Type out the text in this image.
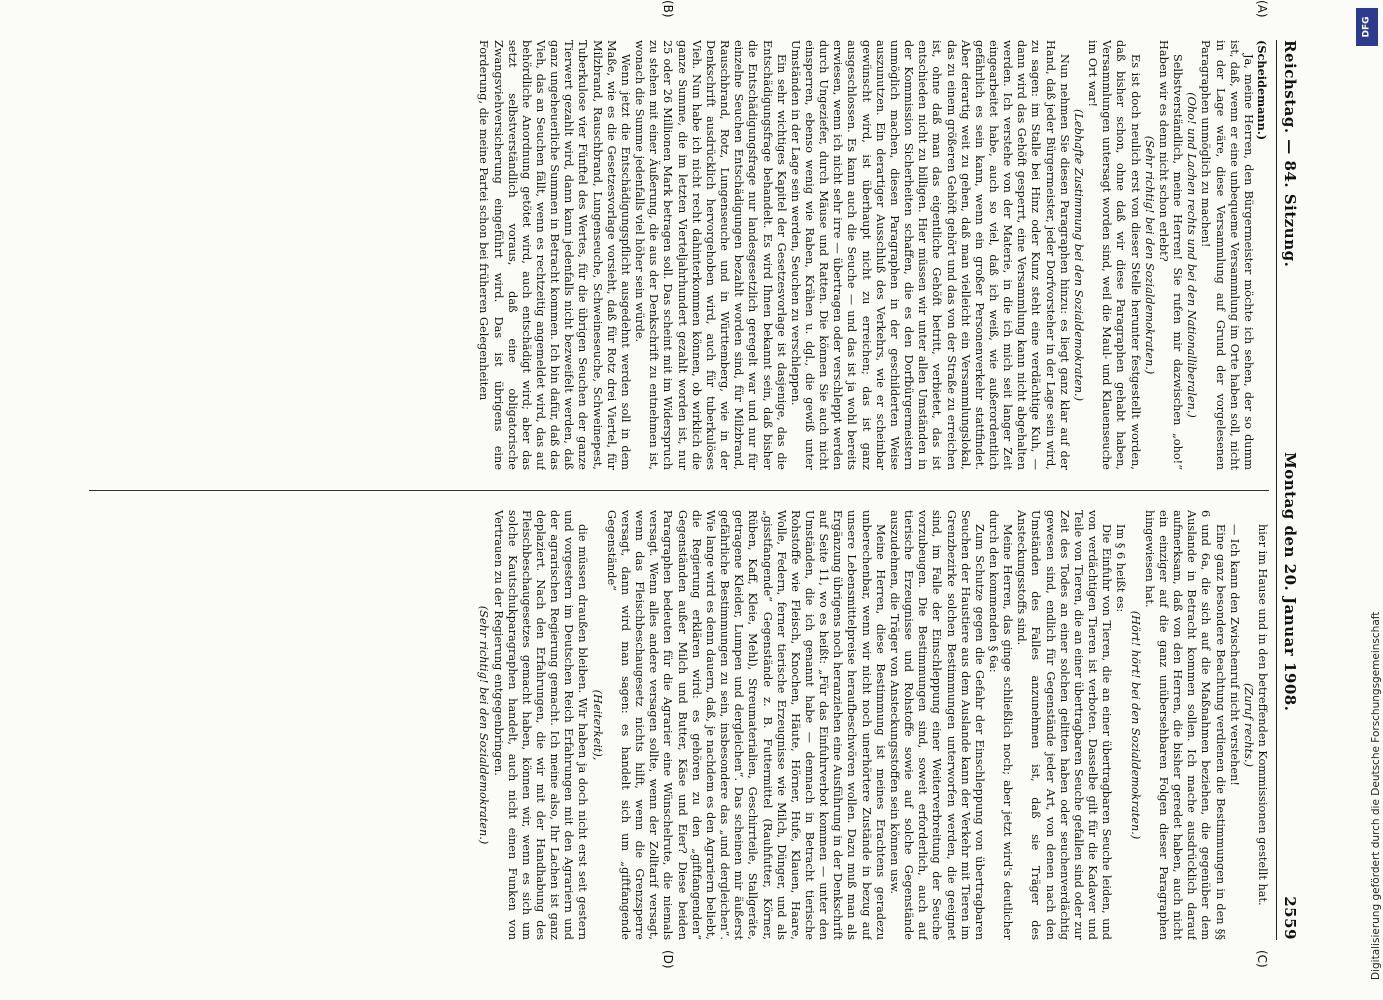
Reichstag. — 84. Sitzung.
Montag den 20. Januar 1908.
2559
(A)
(B)
(C)
(D)

(Scheidemann.)

Ja, meine Herren, den Bürgermeister möchte ich sehen, der so dumm ist, daß, wenn er eine unbequeme Versammlung im Orte haben soll, nicht in der Lage wäre, diese Versammlung auf Grund der vorgelesenen Paragraphen unmöglich zu machen!

(Oho! und Lachen rechts und bei den Nationalliberalen.)

Selbstverständlich, meine Herren! Sie rufen mir dazwischen „oho!“ Haben wir es denn nicht schon erlebt?

(Sehr richtig! bei den Sozialdemokraten.)

Es ist doch neulich erst von dieser Stelle herunter festgestellt worden, daß bisher schon, ohne daß wir diese Paragraphen gehabt haben, Versammlungen untersagt worden sind, weil die Maul- und Klauenseuche im Ort war!

(Lebhafte Zustimmung bei den Sozialdemokraten.)

Nun nehmen Sie diesen Paragraphen hinzu: es liegt ganz klar auf der Hand, daß jeder Bürgermeister, jeder Dorfvorsteher in der Lage sein wird, zu sagen: im Stalle bei Hinz oder Kunz steht eine verdächtige Kuh, — dann wird das Gehöft gesperrt, eine Versammlung kann nicht abgehalten werden. Ich verstehe von der Materie, in die ich mich seit langer Zeit eingearbeitet habe, auch so viel, daß ich weiß, wie außerordentlich gefährlich es sein kann, wenn ein großer Personenverkehr stattfindet. Aber derartig weit zu gehen, daß man vielleicht ein Versammlungslokal, das zu einem größeren Gehöft gehört und das von der Straße zu erreichen ist, ohne daß man das eigentliche Gehöft betritt, verbietet, das ist entschieden nicht zu billigen. Hier müssen wir unter allen Umständen in der Kommission Sicherheiten schaffen, die es den Dorfbürgermeistern unmöglich machen, diesen Paragraphen in der geschilderten Weise auszunutzen. Ein derartiger Ausschluß des Verkehrs, wie er scheinbar gewünscht wird, ist überhaupt nicht zu erreichen; das ist ganz ausgeschlossen. Es kann auch die Seuche — und das ist ja wohl bereits erwiesen, wenn ich nicht sehr irre — übertragen oder verschleppt werden durch Ungeziefer, durch Mäuse und Ratten. Die können Sie auch nicht einsperren, ebenso wenig wie Raben, Krähen u. dgl., die gewiß unter Umständen in der Lage sein werden, Seuchen zu verschleppen.

Ein sehr wichtiges Kapitel der Gesetzesvorlage ist dasjenige, das die Entschädigungsfrage behandelt. Es wird Ihnen bekannt sein, daß bisher die Entschädigungsfrage nur landesgesetzlich geregelt war und nur für einzelne Seuchen Entschädigungen bezahlt worden sind, für Milzbrand, Rauschbrand, Rotz, Lungenseuche und in Württemberg, wie in der Denkschrift ausdrücklich hervorgehoben wird, auch für tuberkulöses Vieh. Nun habe ich nicht recht dahinterkommen können, ob wirklich die ganze Summe, die im letzten Vierteljahrhundert gezahlt worden ist, nur 25 oder 26 Millionen Mark betragen soll. Das scheint mit im Widerspruch zu stehen mit einer Äußerung, die aus der Denkschrift zu entnehmen ist, wonach die Summe jedenfalls viel höher sein würde.

Wenn jetzt die Entschädigungspflicht ausgedehnt werden soll in dem Maße, wie es die Gesetzesvorlage vorsieht, daß für Rotz drei Viertel, für Milzbrand, Rauschbrand, Lungenseuche, Schweineseuche, Schweinepest, Tuberkulose vier Fünftel des Wertes, für die übrigen Seuchen der ganze Tierwert gezahlt wird, dann kann jedenfalls nicht bezweifelt werden, daß ganz ungeheuerliche Summen in Betracht kommen. Ich bin dafür, daß das Vieh, das an Seuchen fällt, wenn es rechtzeitig angemeldet wird, das auf behördliche Anordnung getötet wird, auch entschädigt wird; aber das setzt selbstverständlich voraus, daß eine obligatorische Zwangsviehversicherung eingeführt wird. Das ist übrigens eine Forderung, die meine Partei schon bei früheren Gelegenheiten

hier im Hause und in den betreffenden Kommissionen gestellt hat.

(Zuruf rechts.)

— Ich kann den Zwischenruf nicht verstehen!

Eine ganz besondere Beachtung verdienen die Bestimmungen in den §§ 6 und 6a, die sich auf die Maßnahmen beziehen, die gegenüber dem Auslande in Betracht kommen sollen. Ich mache ausdrücklich darauf aufmerksam, daß von den Herren, die bisher geredet haben, auch nicht ein einziger auf die ganz unübersehbaren Folgen dieser Paragraphen hingewiesen hat.

(Hört! hört! bei den Sozialdemokraten.)

Im § 6 heißt es:

Die Einfuhr von Tieren, die an einer übertragbaren Seuche leiden, und von verdächtigen Tieren ist verboten. Dasselbe gilt für die Kadaver und Teile von Tieren, die an einer übertragbaren Seuche gefallen sind oder zur Zeit des Todes an einer solchen gelitten haben oder seuchenverdächtig gewesen sind, endlich für Gegenstände jeder Art, von denen nach den Umständen des Falles anzunehmen ist, daß sie Träger des Ansteckungsstoffs sind.

Meine Herren, das ginge schließlich noch; aber jetzt wird's deutlicher durch den kommenden § 6a:

Zum Schutze gegen die Gefahr der Einschleppung von übertragbaren Seuchen der Haustiere aus dem Auslande kann der Verkehr mit Tieren im Grenzbezirke solchen Bestimmungen unterworfen werden, die geeignet sind, im Falle der Einschleppung einer Weiterverbreitung der Seuche vorzubeugen. Die Bestimmungen sind, soweit erforderlich, auch auf tierische Erzeugnisse und Rohstoffe sowie auf solche Gegenstände auszudehnen, die Träger von Ansteckungsstoffen sein können usw.

Meine Herren, diese Bestimmung ist meines Erachtens geradezu unberechenbar, wenn wir nicht noch unerhörtere Zustände in bezug auf unsere Lebensmittelpreise heraufbeschwören wollen. Dazu muß man als Ergänzung übrigens noch heranziehen eine Ausführung in der Denkschrift auf Seite 11, wo es heißt: „Für das Einfuhrverbot kommen — unter den Umständen, die ich genannt habe — demnach in Betracht tierische Rohstoffe wie Fleisch, Knochen, Häute, Hörner, Hufe, Klauen, Haare, Wolle, Federn, ferner tierische Erzeugnisse wie Milch, Dünger, und als „gisstfangende“ Gegenstände z. B. Futtermittel (Rauhfutter, Körner, Rüben, Kaff, Kleie, Mehl), Streumaterialien, Geschirrteile, Stallgeräte, getragene Kleider, Lumpen und dergleichen“. Das scheinen mir äußerst gefährliche Bestimmungen zu sein, insbesondere das „und dergleichen“. Wie lange wird es denn dauern, daß, je nachdem es den Agrariern beliebt, die Regierung erklären wird: es gehören zu den „giftfangenden“ Gegenständen außer Milch und Butter, Käse und Eier? Diese beiden Paragraphen bedeuten für die Agrarier eine Wünschelrute, die niemals versagt. Wenn alles andere versagen sollte, wenn der Zolltarif versagt, wenn das Fleischbeschaugesetz nichts hilft, wenn die Grenzsperre versagt, dann wird man sagen: es handelt sich um „giftfangende Gegenstände“

(Heiterkeit),

die müssen draußen bleiben. Wir haben ja doch nicht erst seit gestern und vorgestern im Deutschen Reich Erfahrungen mit den Agrariern und der agrarischen Regierung gemacht. Ich meine also, Ihr Lachen ist ganz deplaziert. Nach den Erfahrungen, die wir mit der Handhabung des Fleischbeschaugesetzes gemacht haben, können wir, wenn es sich um solche Kautschukparagraphen handelt, auch nicht einen Funken von Vertrauen zu der Regierung entgegenbringen.

(Sehr richtig! bei den Sozialdemokraten.)

DFG
Digitalisierung gefördert durch die Deutsche Forschungsgemeinschaft
